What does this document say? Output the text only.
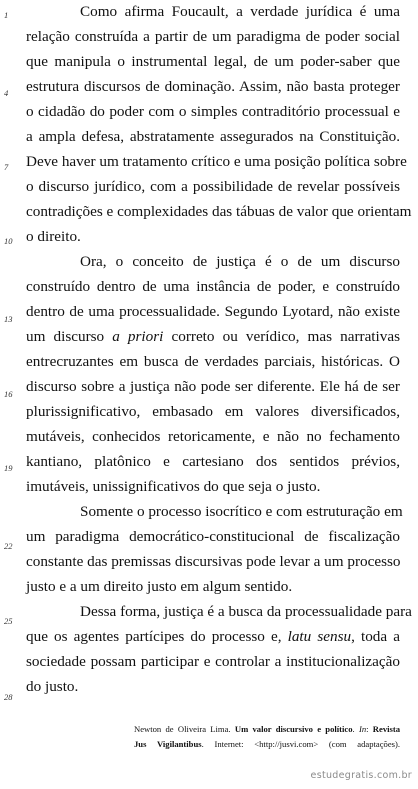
1
4
7
10
13
16
19
22
25
28
Como afirma Foucault, a verdade jurídica é uma
relação construída a partir de um paradigma de poder social
que manipula o instrumental legal, de um poder-saber que
estrutura discursos de dominação. Assim, não basta proteger
o cidadão do poder com o simples contraditório processual e
a ampla defesa, abstratamente assegurados na Constituição.
Deve haver um tratamento crítico e uma posição política sobre
o discurso jurídico, com a possibilidade de revelar possíveis
contradições e complexidades das tábuas de valor que orientam
o direito.
Ora, o conceito de justiça é o de um discurso
construído dentro de uma instância de poder, e construído
dentro de uma processualidade. Segundo Lyotard, não existe
um discurso a priori correto ou verídico, mas narrativas
entrecruzantes em busca de verdades parciais, históricas. O
discurso sobre a justiça não pode ser diferente. Ele há de ser
plurissignificativo, embasado em valores diversificados,
mutáveis, conhecidos retoricamente, e não no fechamento
kantiano, platônico e cartesiano dos sentidos prévios,
imutáveis, unissignificativos do que seja o justo.
Somente o processo isocrítico e com estruturação em
um paradigma democrático-constitucional de fiscalização
constante das premissas discursivas pode levar a um processo
justo e a um direito justo em algum sentido.
Dessa forma, justiça é a busca da processualidade para
que os agentes partícipes do processo e, latu sensu, toda a
sociedade possam participar e controlar a institucionalização
do justo.
Newton de Oliveira Lima. Um valor discursivo e político. In: Revista
Jus Vigilantibus. Internet: <http://jusvi.com> (com adaptações).
estudegratis.com.br
